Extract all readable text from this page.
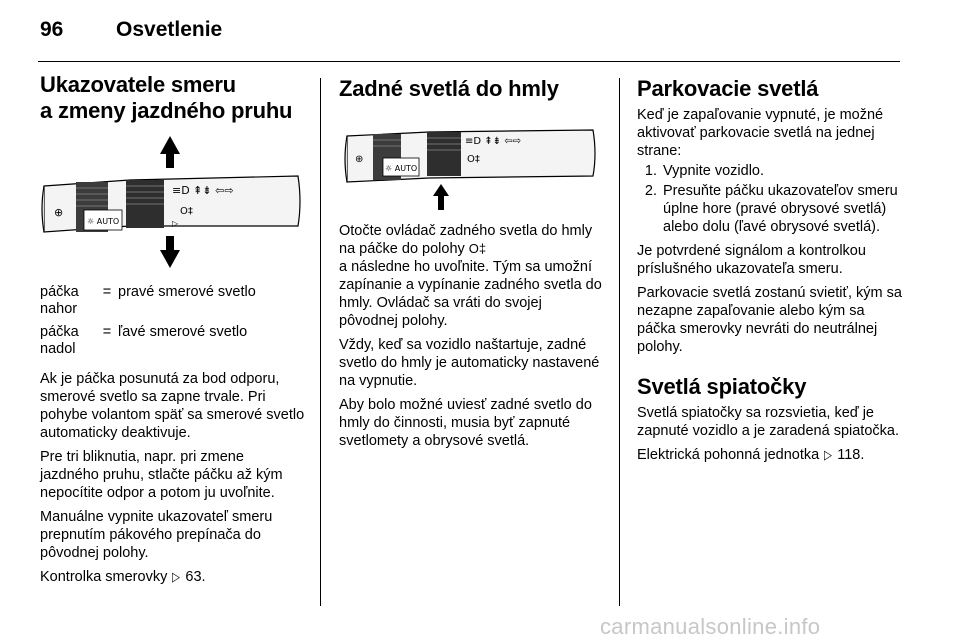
96	Osvetlenie
Ukazovatele smeru
a zmeny jazdného pruhu
☼ AUTO
⊕
≡D ⇞⇟ ⇦⇨
O‡
▷
páčka
nahor
= pravé smerové svetlo
páčka
nadol
= ľavé smerové svetlo

Ak je páčka posunutá za bod odporu, smerové svetlo sa zapne trvale. Pri pohybe volantom späť sa smerové svetlo automaticky deaktivuje.

Pre tri bliknutia, napr. pri zmene jazdného pruhu, stlačte páčku až kým nepocítite odpor a potom ju uvoľnite.

Manuálne vypnite ukazovateľ smeru prepnutím pákového prepínača do pôvodnej polohy.

Kontrolka smerovky ▷ 63.

Zadné svetlá do hmly
☼ AUTO
⊕
≡D ⇞⇟ ⇦⇨
O‡

Otočte ovládač zadného svetla do hmly na páčke do polohy O‡
a následne ho uvoľnite. Tým sa umožní zapínanie a vypínanie zadného svetla do hmly. Ovládač sa vráti do svojej pôvodnej polohy.

Vždy, keď sa vozidlo naštartuje, zadné svetlo do hmly je automaticky nastavené na vypnutie.

Aby bolo možné uviesť zadné svetlo do hmly do činnosti, musia byť zapnuté svetlomety a obrysové svetlá.

Parkovacie svetlá

Keď je zapaľovanie vypnuté, je možné aktivovať parkovacie svetlá na jednej strane:

1. Vypnite vozidlo.
2. Presuňte páčku ukazovateľov smeru úplne hore (pravé obrysové svetlá) alebo dolu (ľavé obrysové svetlá).

Je potvrdené signálom a kontrolkou príslušného ukazovateľa smeru.

Parkovacie svetlá zostanú svietiť, kým sa nezapne zapaľovanie alebo kým sa páčka smerovky nevráti do neutrálnej polohy.

Svetlá spiatočky

Svetlá spiatočky sa rozsvietia, keď je zapnuté vozidlo a je zaradená spiatočka.

Elektrická pohonná jednotka ▷ 118.

carmanualsonline.info
